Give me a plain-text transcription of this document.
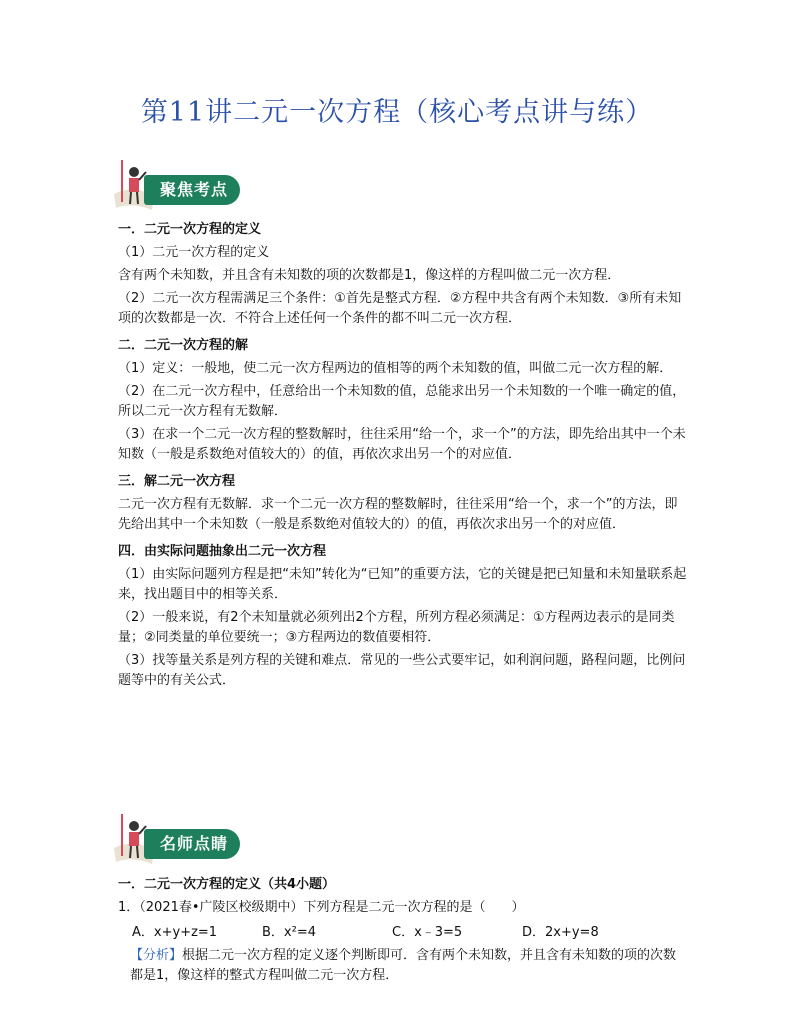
第11讲二元一次方程（核心考点讲与练）
聚焦考点
一．二元一次方程的定义
（1）二元一次方程的定义
含有两个未知数，并且含有未知数的项的次数都是1，像这样的方程叫做二元一次方程．
（2）二元一次方程需满足三个条件：①首先是整式方程．②方程中共含有两个未知数．③所有未知项的次数都是一次．不符合上述任何一个条件的都不叫二元一次方程．
二．二元一次方程的解
（1）定义：一般地，使二元一次方程两边的值相等的两个未知数的值，叫做二元一次方程的解．
（2）在二元一次方程中，任意给出一个未知数的值，总能求出另一个未知数的一个唯一确定的值，所以二元一次方程有无数解．
（3）在求一个二元一次方程的整数解时，往往采用“给一个，求一个”的方法，即先给出其中一个未知数（一般是系数绝对值较大的）的值，再依次求出另一个的对应值．
三．解二元一次方程
二元一次方程有无数解．求一个二元一次方程的整数解时，往往采用“给一个，求一个”的方法，即先给出其中一个未知数（一般是系数绝对值较大的）的值，再依次求出另一个的对应值．
四．由实际问题抽象出二元一次方程
（1）由实际问题列方程是把“未知”转化为“已知”的重要方法，它的关键是把已知量和未知量联系起来，找出题目中的相等关系．
（2）一般来说，有2个未知量就必须列出2个方程，所列方程必须满足：①方程两边表示的是同类量；②同类量的单位要统一；③方程两边的数值要相符．
（3）找等量关系是列方程的关键和难点．常见的一些公式要牢记，如利润问题，路程问题，比例问题等中的有关公式．
名师点睛
一．二元一次方程的定义（共4小题）
1．（2021春•广陵区校级期中）下列方程是二元一次方程的是（　　）
A．x+y+z=1	B．x²=4	C．x﹣3=5	D．2x+y=8
【分析】根据二元一次方程的定义逐个判断即可．含有两个未知数，并且含有未知数的项的次数都是1，像这样的整式方程叫做二元一次方程．
